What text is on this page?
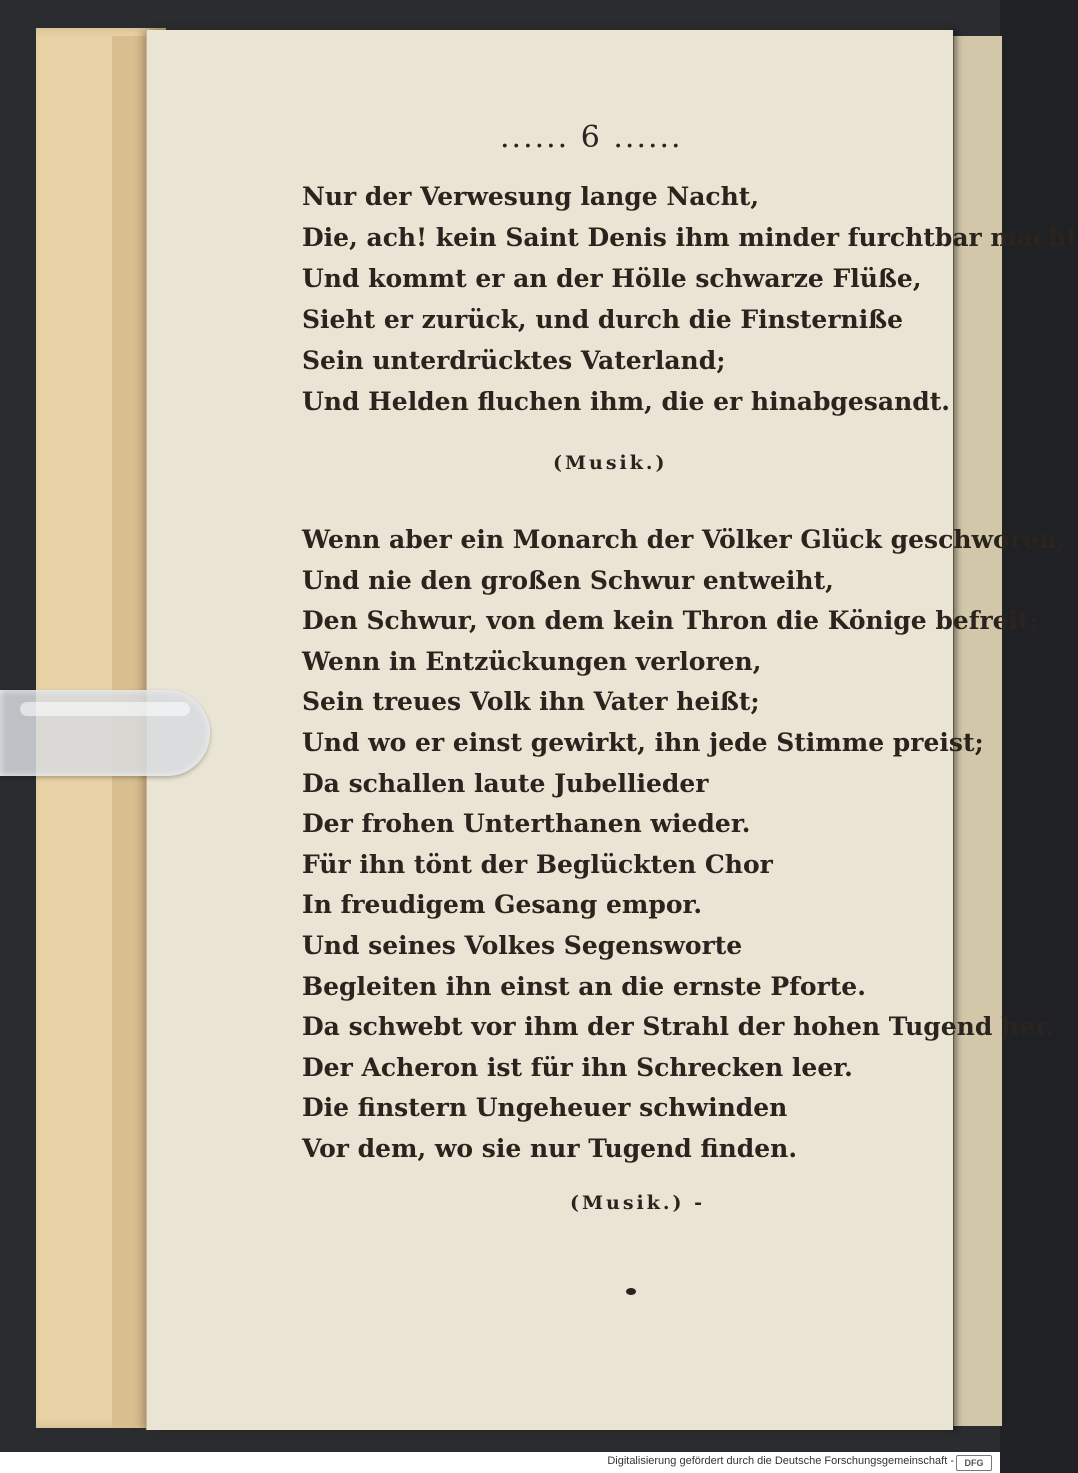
...... 6 ......
Nur der Verwesung lange Nacht,
Die, ach! kein Saint Denis ihm minder furchtbar macht
Und kommt er an der Hölle schwarze Flüße,
Sieht er zurück, und durch die Finsterniße
Sein unterdrücktes Vaterland;
Und Helden fluchen ihm, die er hinabgesandt.
(Musik.)
Wenn aber ein Monarch der Völker Glück geschworen,
Und nie den großen Schwur entweiht,
Den Schwur, von dem kein Thron die Könige befreit;
Wenn in Entzückungen verloren,
Sein treues Volk ihn Vater heißt;
Und wo er einst gewirkt, ihn jede Stimme preist;
Da schallen laute Jubellieder
Der frohen Unterthanen wieder.
Für ihn tönt der Beglückten Chor
In freudigem Gesang empor.
Und seines Volkes Segensworte
Begleiten ihn einst an die ernste Pforte.
Da schwebt vor ihm der Strahl der hohen Tugend her.
Der Acheron ist für ihn Schrecken leer.
Die finstern Ungeheuer schwinden
Vor dem, wo sie nur Tugend finden.
(Musik.) -
Digitalisierung gefördert durch die Deutsche Forschungsgemeinschaft -	DFG
